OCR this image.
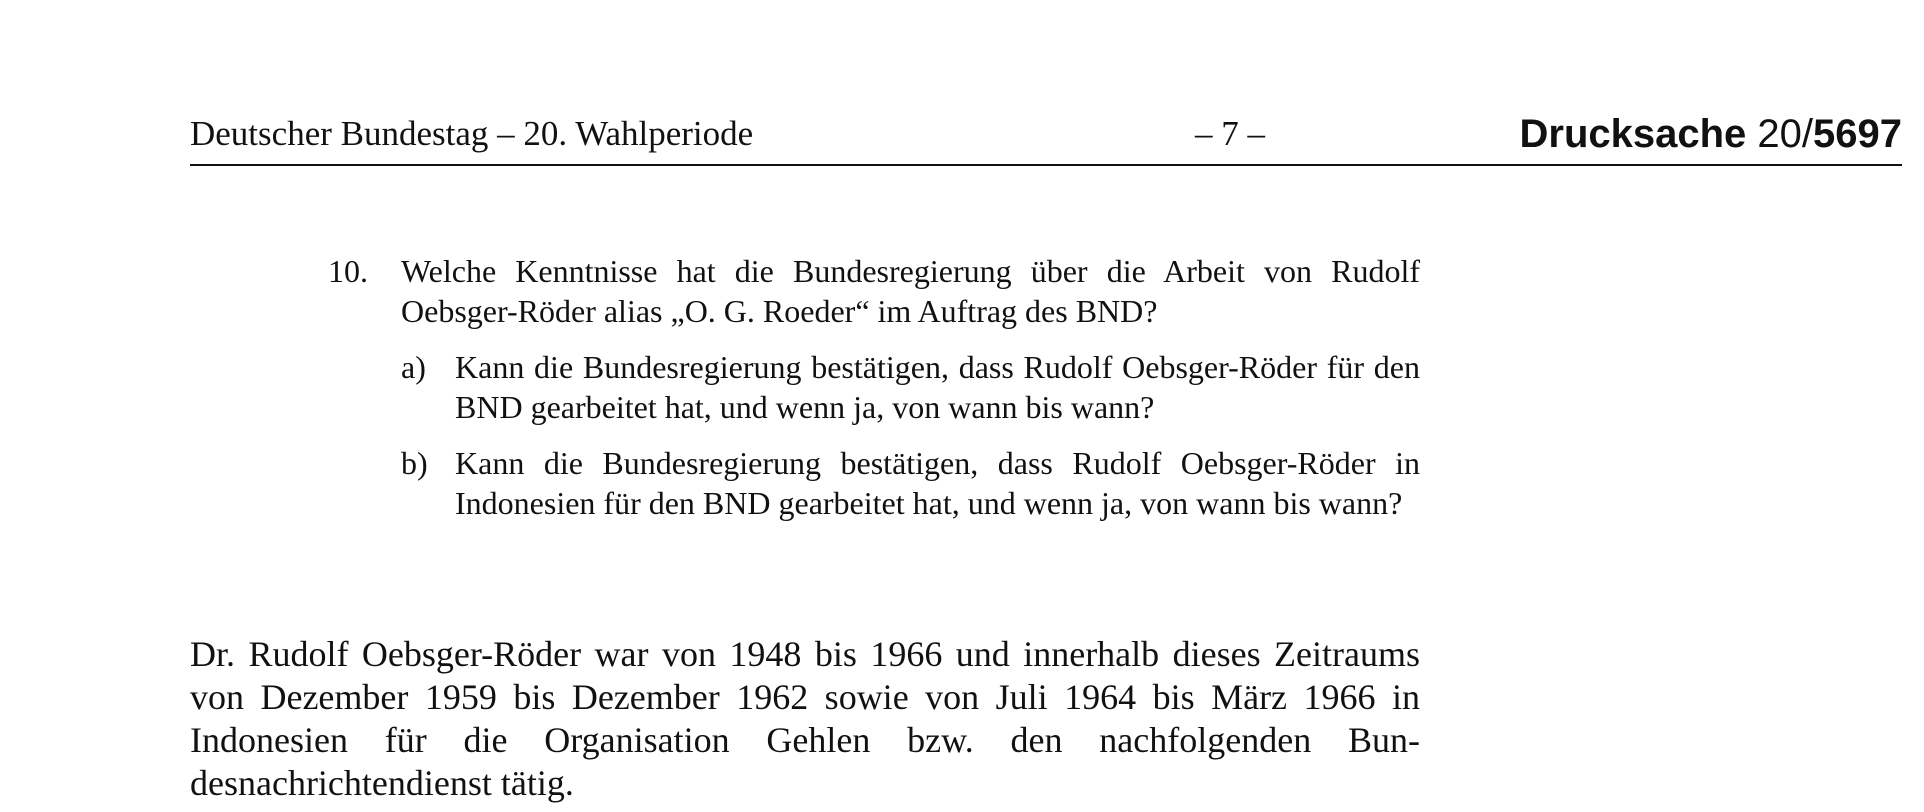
Deutscher Bundestag – 20. Wahlperiode	– 7 –	Drucksache 20/5697
10. Welche Kenntnisse hat die Bundesregierung über die Arbeit von Rudolf Oebsger-Röder alias „O. G. Roeder“ im Auftrag des BND?
a) Kann die Bundesregierung bestätigen, dass Rudolf Oebsger-Röder für den BND gearbeitet hat, und wenn ja, von wann bis wann?
b) Kann die Bundesregierung bestätigen, dass Rudolf Oebsger-Röder in Indonesien für den BND gearbeitet hat, und wenn ja, von wann bis wann?

Dr. Rudolf Oebsger-Röder war von 1948 bis 1966 und innerhalb dieses Zeitraums von Dezember 1959 bis Dezember 1962 sowie von Juli 1964 bis März 1966 in Indonesien für die Organisation Gehlen bzw. den nachfolgenden Bundesnachrichtendienst tätig.
